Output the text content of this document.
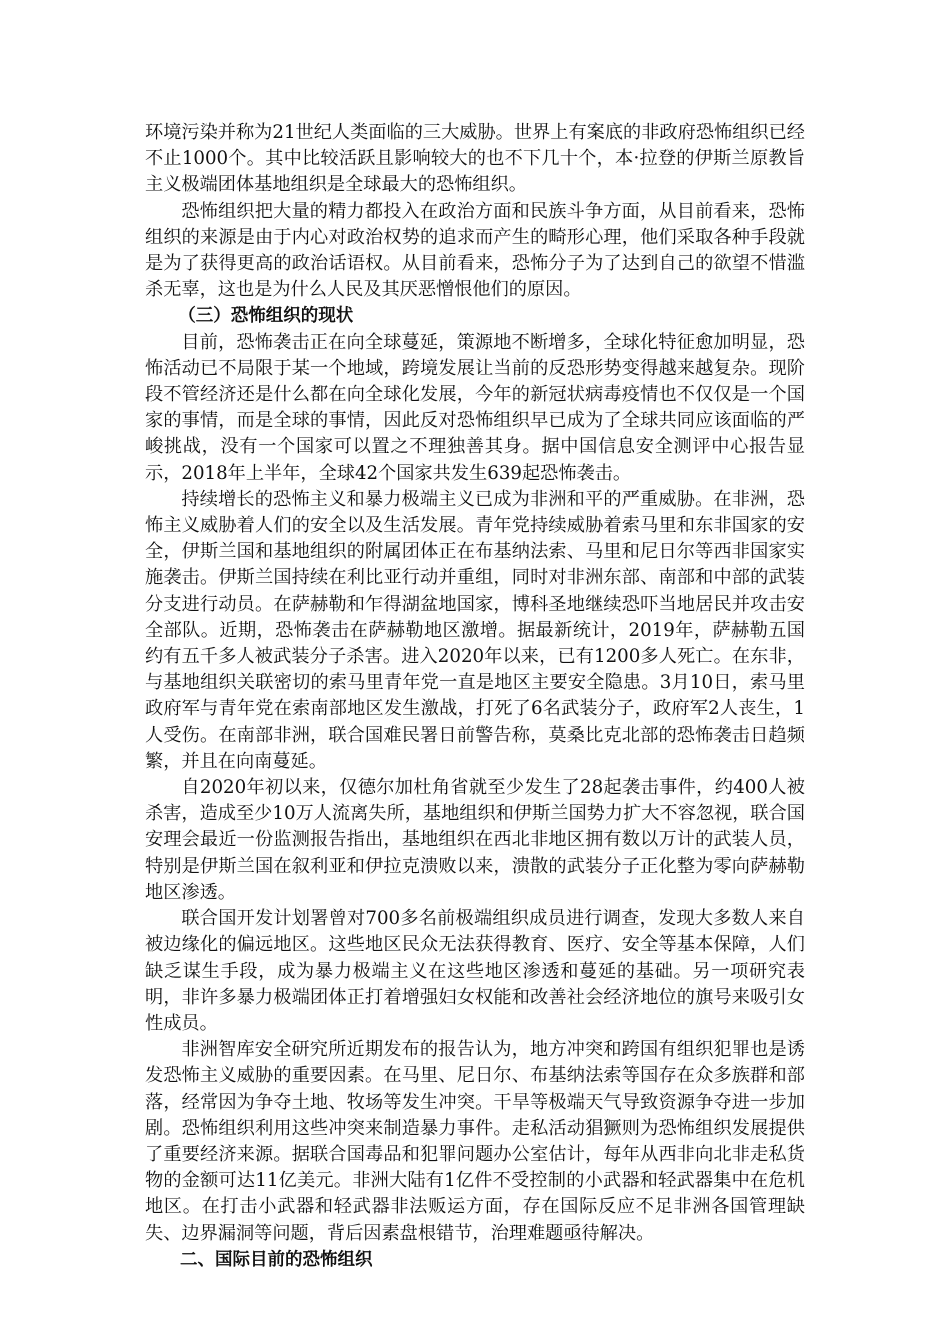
环境污染并称为21世纪人类面临的三大威胁。世界上有案底的非政府恐怖组织已经不止1000个。其中比较活跃且影响较大的也不下几十个，本·拉登的伊斯兰原教旨主义极端团体基地组织是全球最大的恐怖组织。

恐怖组织把大量的精力都投入在政治方面和民族斗争方面，从目前看来，恐怖组织的来源是由于内心对政治权势的追求而产生的畸形心理，他们采取各种手段就是为了获得更高的政治话语权。从目前看来，恐怖分子为了达到自己的欲望不惜滥杀无辜，这也是为什么人民及其厌恶憎恨他们的原因。

（三）恐怖组织的现状

目前，恐怖袭击正在向全球蔓延，策源地不断增多，全球化特征愈加明显，恐怖活动已不局限于某一个地域，跨境发展让当前的反恐形势变得越来越复杂。现阶段不管经济还是什么都在向全球化发展，今年的新冠状病毒疫情也不仅仅是一个国家的事情，而是全球的事情，因此反对恐怖组织早已成为了全球共同应该面临的严峻挑战，没有一个国家可以置之不理独善其身。据中国信息安全测评中心报告显示，2018年上半年，全球42个国家共发生639起恐怖袭击。

持续增长的恐怖主义和暴力极端主义已成为非洲和平的严重威胁。在非洲，恐怖主义威胁着人们的安全以及生活发展。青年党持续威胁着索马里和东非国家的安全，伊斯兰国和基地组织的附属团体正在布基纳法索、马里和尼日尔等西非国家实施袭击。伊斯兰国持续在利比亚行动并重组，同时对非洲东部、南部和中部的武装分支进行动员。在萨赫勒和乍得湖盆地国家，博科圣地继续恐吓当地居民并攻击安全部队。近期，恐怖袭击在萨赫勒地区激增。据最新统计，2019年，萨赫勒五国约有五千多人被武装分子杀害。进入2020年以来，已有1200多人死亡。在东非，与基地组织关联密切的索马里青年党一直是地区主要安全隐患。3月10日，索马里政府军与青年党在索南部地区发生激战，打死了6名武装分子，政府军2人丧生，1人受伤。在南部非洲，联合国难民署日前警告称，莫桑比克北部的恐怖袭击日趋频繁，并且在向南蔓延。

自2020年初以来，仅德尔加杜角省就至少发生了28起袭击事件，约400人被杀害，造成至少10万人流离失所，基地组织和伊斯兰国势力扩大不容忽视，联合国安理会最近一份监测报告指出，基地组织在西北非地区拥有数以万计的武装人员，特别是伊斯兰国在叙利亚和伊拉克溃败以来，溃散的武装分子正化整为零向萨赫勒地区渗透。

联合国开发计划署曾对700多名前极端组织成员进行调查，发现大多数人来自被边缘化的偏远地区。这些地区民众无法获得教育、医疗、安全等基本保障，人们缺乏谋生手段，成为暴力极端主义在这些地区渗透和蔓延的基础。另一项研究表明，非许多暴力极端团体正打着增强妇女权能和改善社会经济地位的旗号来吸引女性成员。

非洲智库安全研究所近期发布的报告认为，地方冲突和跨国有组织犯罪也是诱发恐怖主义威胁的重要因素。在马里、尼日尔、布基纳法索等国存在众多族群和部落，经常因为争夺土地、牧场等发生冲突。干旱等极端天气导致资源争夺进一步加剧。恐怖组织利用这些冲突来制造暴力事件。走私活动猖獗则为恐怖组织发展提供了重要经济来源。据联合国毒品和犯罪问题办公室估计，每年从西非向北非走私货物的金额可达11亿美元。非洲大陆有1亿件不受控制的小武器和轻武器集中在危机地区。在打击小武器和轻武器非法贩运方面，存在国际反应不足非洲各国管理缺失、边界漏洞等问题，背后因素盘根错节，治理难题亟待解决。

二、国际目前的恐怖组织
